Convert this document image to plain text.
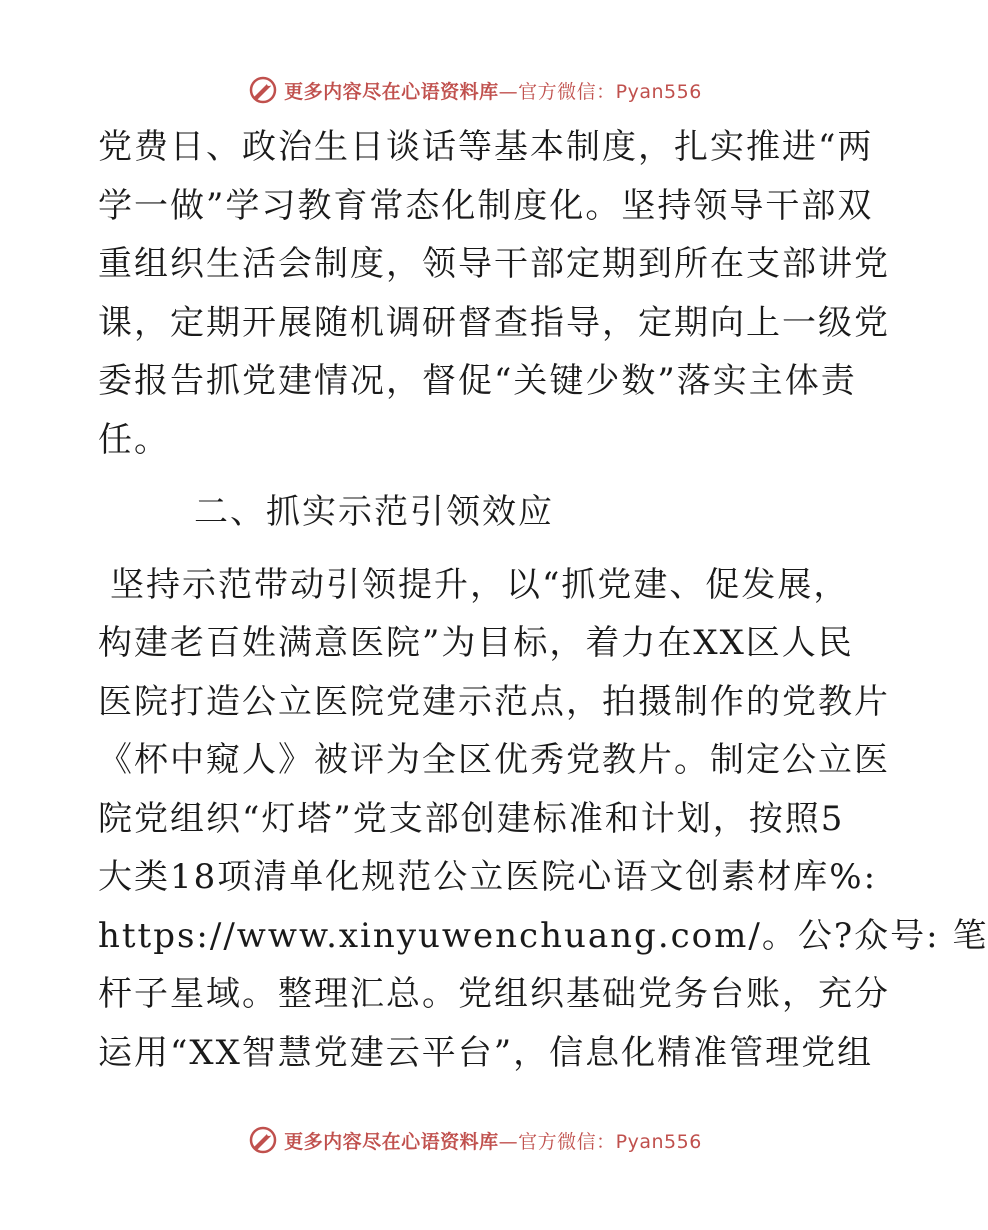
更多内容尽在心语资料库—官方微信：Pyan556
党费日、政治生日谈话等基本制度，扎实推进“两
学一做”学习教育常态化制度化。坚持领导干部双
重组织生活会制度，领导干部定期到所在支部讲党
课，定期开展随机调研督查指导，定期向上一级党
委报告抓党建情况，督促“关键少数”落实主体责
任。
二、抓实示范引领效应
坚持示范带动引领提升，以“抓党建、促发展，
构建老百姓满意医院”为目标，着力在XX区人民
医院打造公立医院党建示范点，拍摄制作的党教片
《杯中窥人》被评为全区优秀党教片。制定公立医
院党组织“灯塔”党支部创建标准和计划，按照5
大类18项清单化规范公立医院心语文创素材库%:
https://www.xinyuwenchuang.com/。公?众号: 笔
杆子星域。整理汇总。党组织基础党务台账，充分
运用“XX智慧党建云平台”，信息化精准管理党组
更多内容尽在心语资料库—官方微信：Pyan556
